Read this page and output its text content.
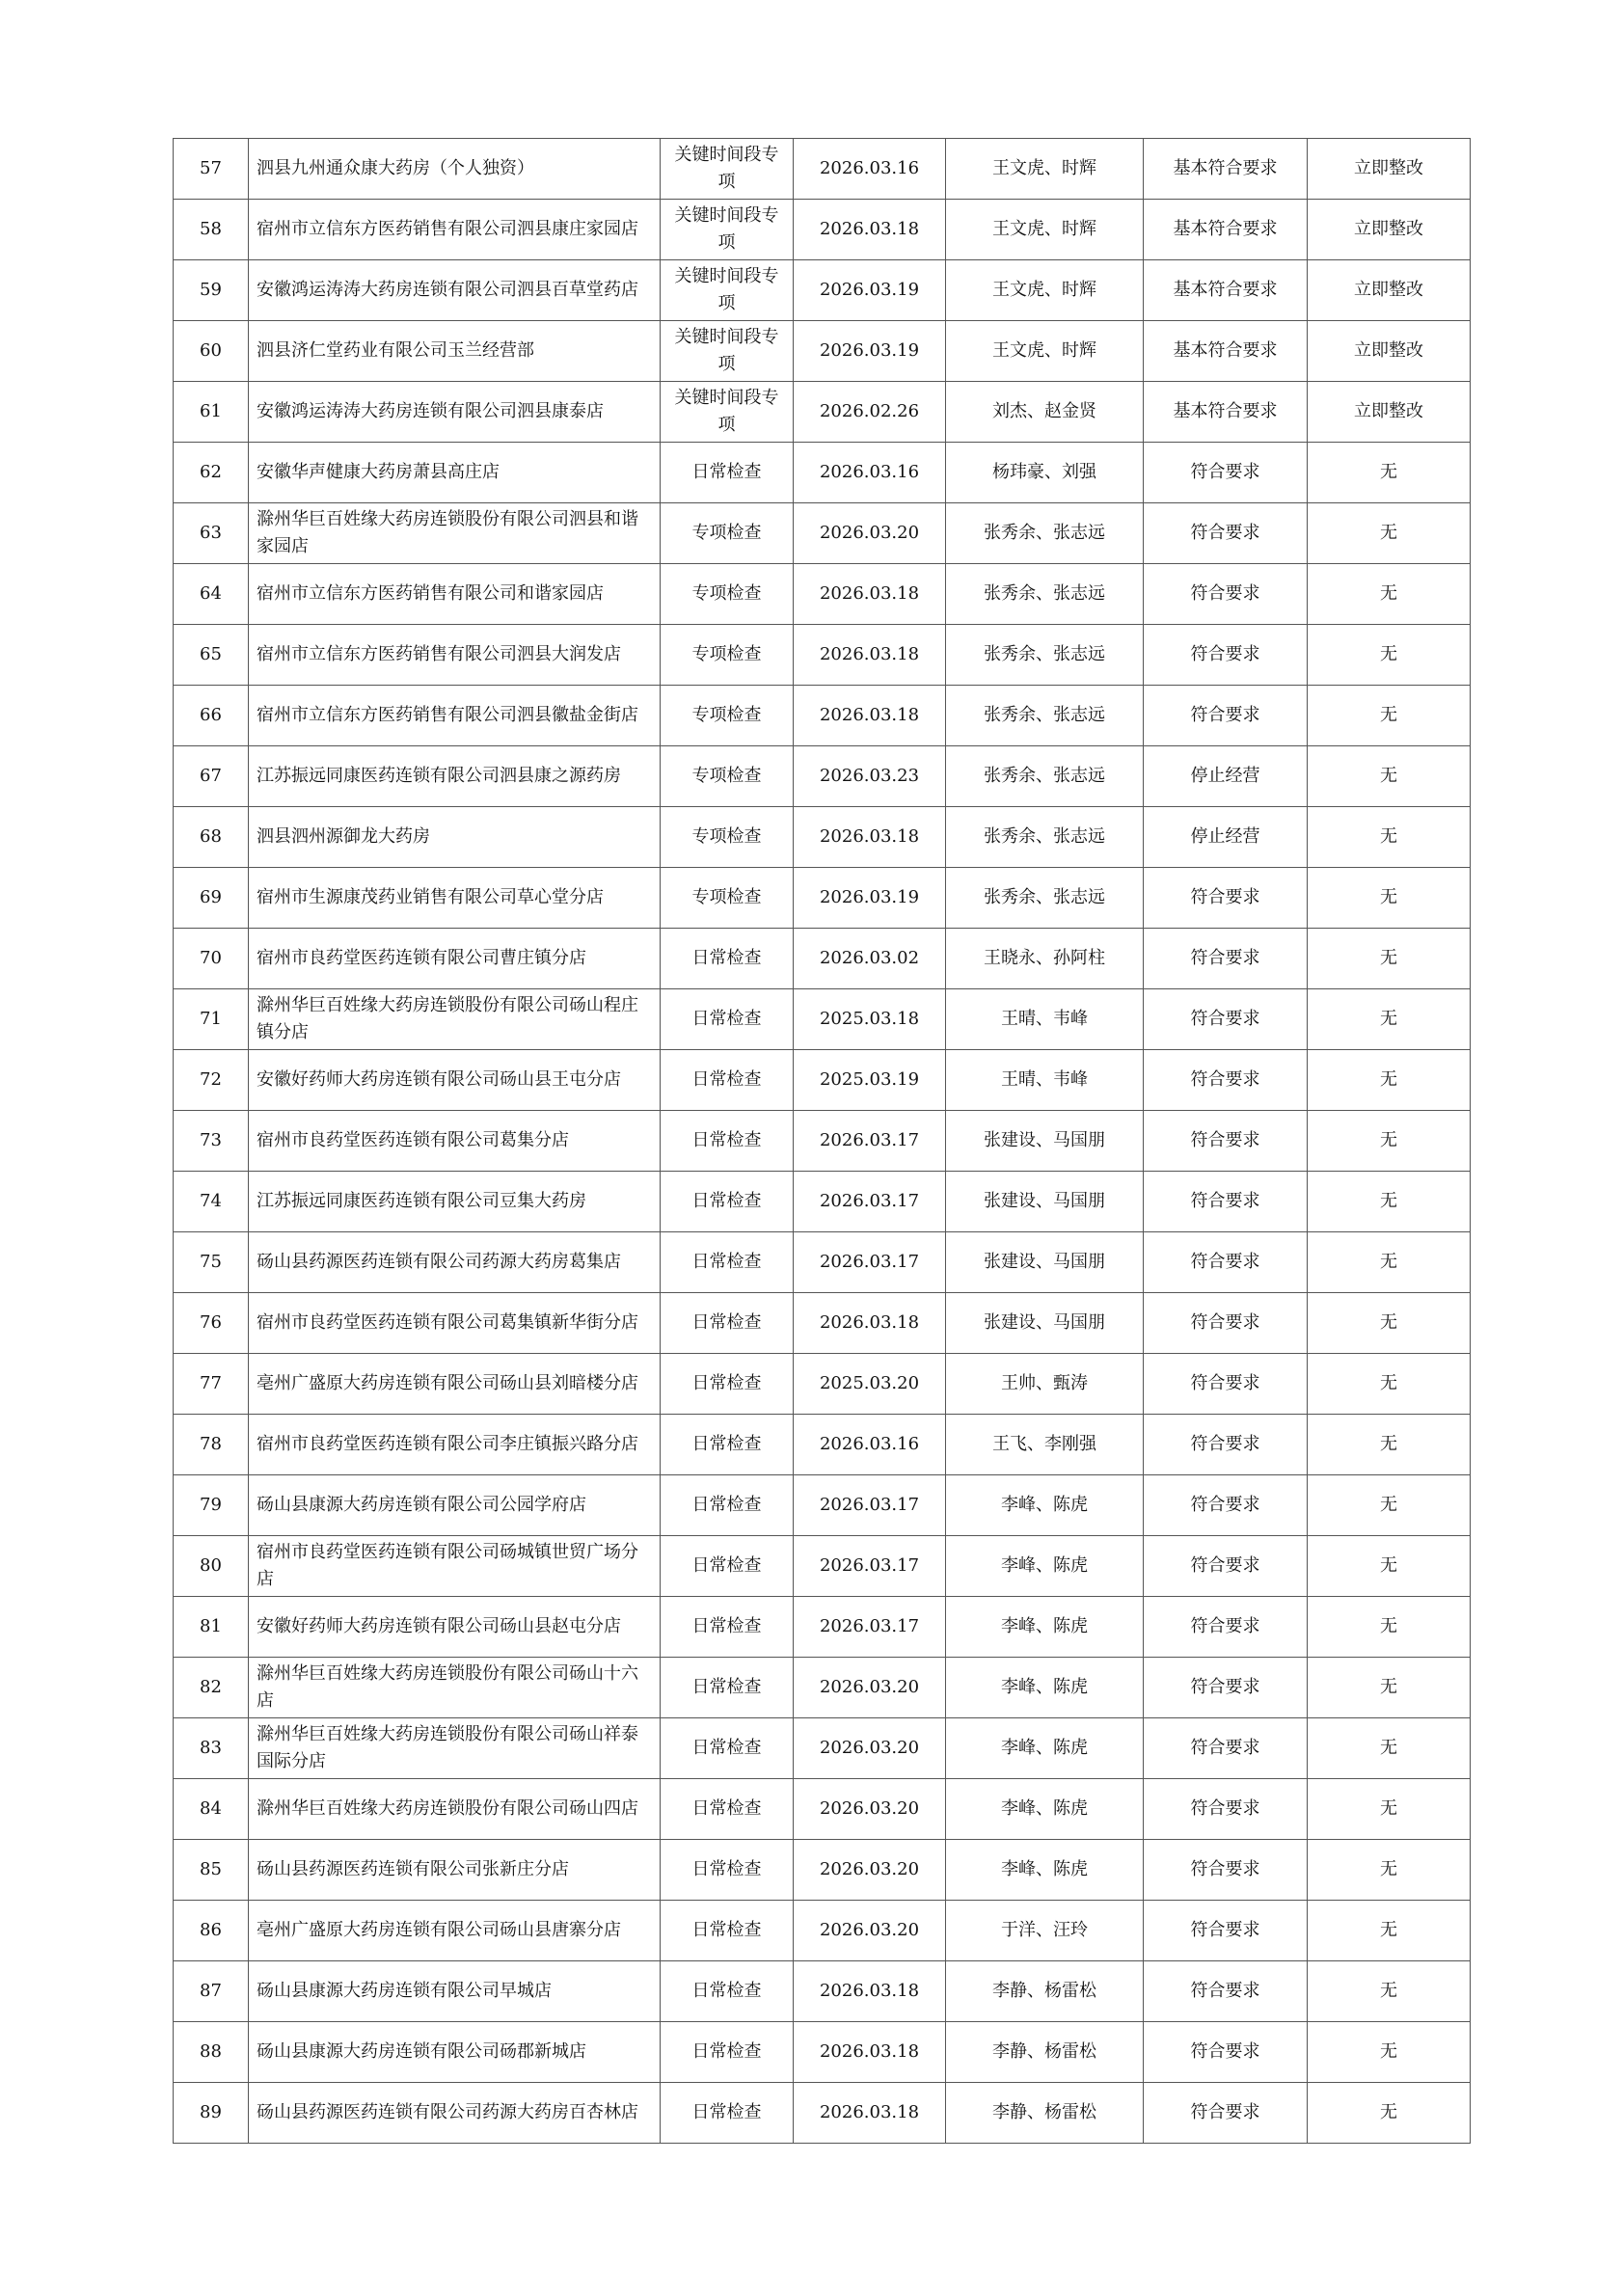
57	泗县九州通众康大药房（个人独资）	关键时间段专项	2026.03.16	王文虎、时辉	基本符合要求	立即整改
58	宿州市立信东方医药销售有限公司泗县康庄家园店	关键时间段专项	2026.03.18	王文虎、时辉	基本符合要求	立即整改
59	安徽鸿运涛涛大药房连锁有限公司泗县百草堂药店	关键时间段专项	2026.03.19	王文虎、时辉	基本符合要求	立即整改
60	泗县济仁堂药业有限公司玉兰经营部	关键时间段专项	2026.03.19	王文虎、时辉	基本符合要求	立即整改
61	安徽鸿运涛涛大药房连锁有限公司泗县康泰店	关键时间段专项	2026.02.26	刘杰、赵金贤	基本符合要求	立即整改
62	安徽华声健康大药房萧县高庄店	日常检查	2026.03.16	杨玮豪、刘强	符合要求	无
63	滁州华巨百姓缘大药房连锁股份有限公司泗县和谐家园店	专项检查	2026.03.20	张秀余、张志远	符合要求	无
64	宿州市立信东方医药销售有限公司和谐家园店	专项检查	2026.03.18	张秀余、张志远	符合要求	无
65	宿州市立信东方医药销售有限公司泗县大润发店	专项检查	2026.03.18	张秀余、张志远	符合要求	无
66	宿州市立信东方医药销售有限公司泗县徽盐金街店	专项检查	2026.03.18	张秀余、张志远	符合要求	无
67	江苏振远同康医药连锁有限公司泗县康之源药房	专项检查	2026.03.23	张秀余、张志远	停止经营	无
68	泗县泗州源御龙大药房	专项检查	2026.03.18	张秀余、张志远	停止经营	无
69	宿州市生源康茂药业销售有限公司草心堂分店	专项检查	2026.03.19	张秀余、张志远	符合要求	无
70	宿州市良药堂医药连锁有限公司曹庄镇分店	日常检查	2026.03.02	王晓永、孙阿柱	符合要求	无
71	滁州华巨百姓缘大药房连锁股份有限公司砀山程庄镇分店	日常检查	2025.03.18	王晴、韦峰	符合要求	无
72	安徽好药师大药房连锁有限公司砀山县王屯分店	日常检查	2025.03.19	王晴、韦峰	符合要求	无
73	宿州市良药堂医药连锁有限公司葛集分店	日常检查	2026.03.17	张建设、马国朋	符合要求	无
74	江苏振远同康医药连锁有限公司豆集大药房	日常检查	2026.03.17	张建设、马国朋	符合要求	无
75	砀山县药源医药连锁有限公司药源大药房葛集店	日常检查	2026.03.17	张建设、马国朋	符合要求	无
76	宿州市良药堂医药连锁有限公司葛集镇新华街分店	日常检查	2026.03.18	张建设、马国朋	符合要求	无
77	亳州广盛原大药房连锁有限公司砀山县刘暗楼分店	日常检查	2025.03.20	王帅、甄涛	符合要求	无
78	宿州市良药堂医药连锁有限公司李庄镇振兴路分店	日常检查	2026.03.16	王飞、李刚强	符合要求	无
79	砀山县康源大药房连锁有限公司公园学府店	日常检查	2026.03.17	李峰、陈虎	符合要求	无
80	宿州市良药堂医药连锁有限公司砀城镇世贸广场分店	日常检查	2026.03.17	李峰、陈虎	符合要求	无
81	安徽好药师大药房连锁有限公司砀山县赵屯分店	日常检查	2026.03.17	李峰、陈虎	符合要求	无
82	滁州华巨百姓缘大药房连锁股份有限公司砀山十六店	日常检查	2026.03.20	李峰、陈虎	符合要求	无
83	滁州华巨百姓缘大药房连锁股份有限公司砀山祥泰国际分店	日常检查	2026.03.20	李峰、陈虎	符合要求	无
84	滁州华巨百姓缘大药房连锁股份有限公司砀山四店	日常检查	2026.03.20	李峰、陈虎	符合要求	无
85	砀山县药源医药连锁有限公司张新庄分店	日常检查	2026.03.20	李峰、陈虎	符合要求	无
86	亳州广盛原大药房连锁有限公司砀山县唐寨分店	日常检查	2026.03.20	于洋、汪玲	符合要求	无
87	砀山县康源大药房连锁有限公司早城店	日常检查	2026.03.18	李静、杨雷松	符合要求	无
88	砀山县康源大药房连锁有限公司砀郡新城店	日常检查	2026.03.18	李静、杨雷松	符合要求	无
89	砀山县药源医药连锁有限公司药源大药房百杏林店	日常检查	2026.03.18	李静、杨雷松	符合要求	无
